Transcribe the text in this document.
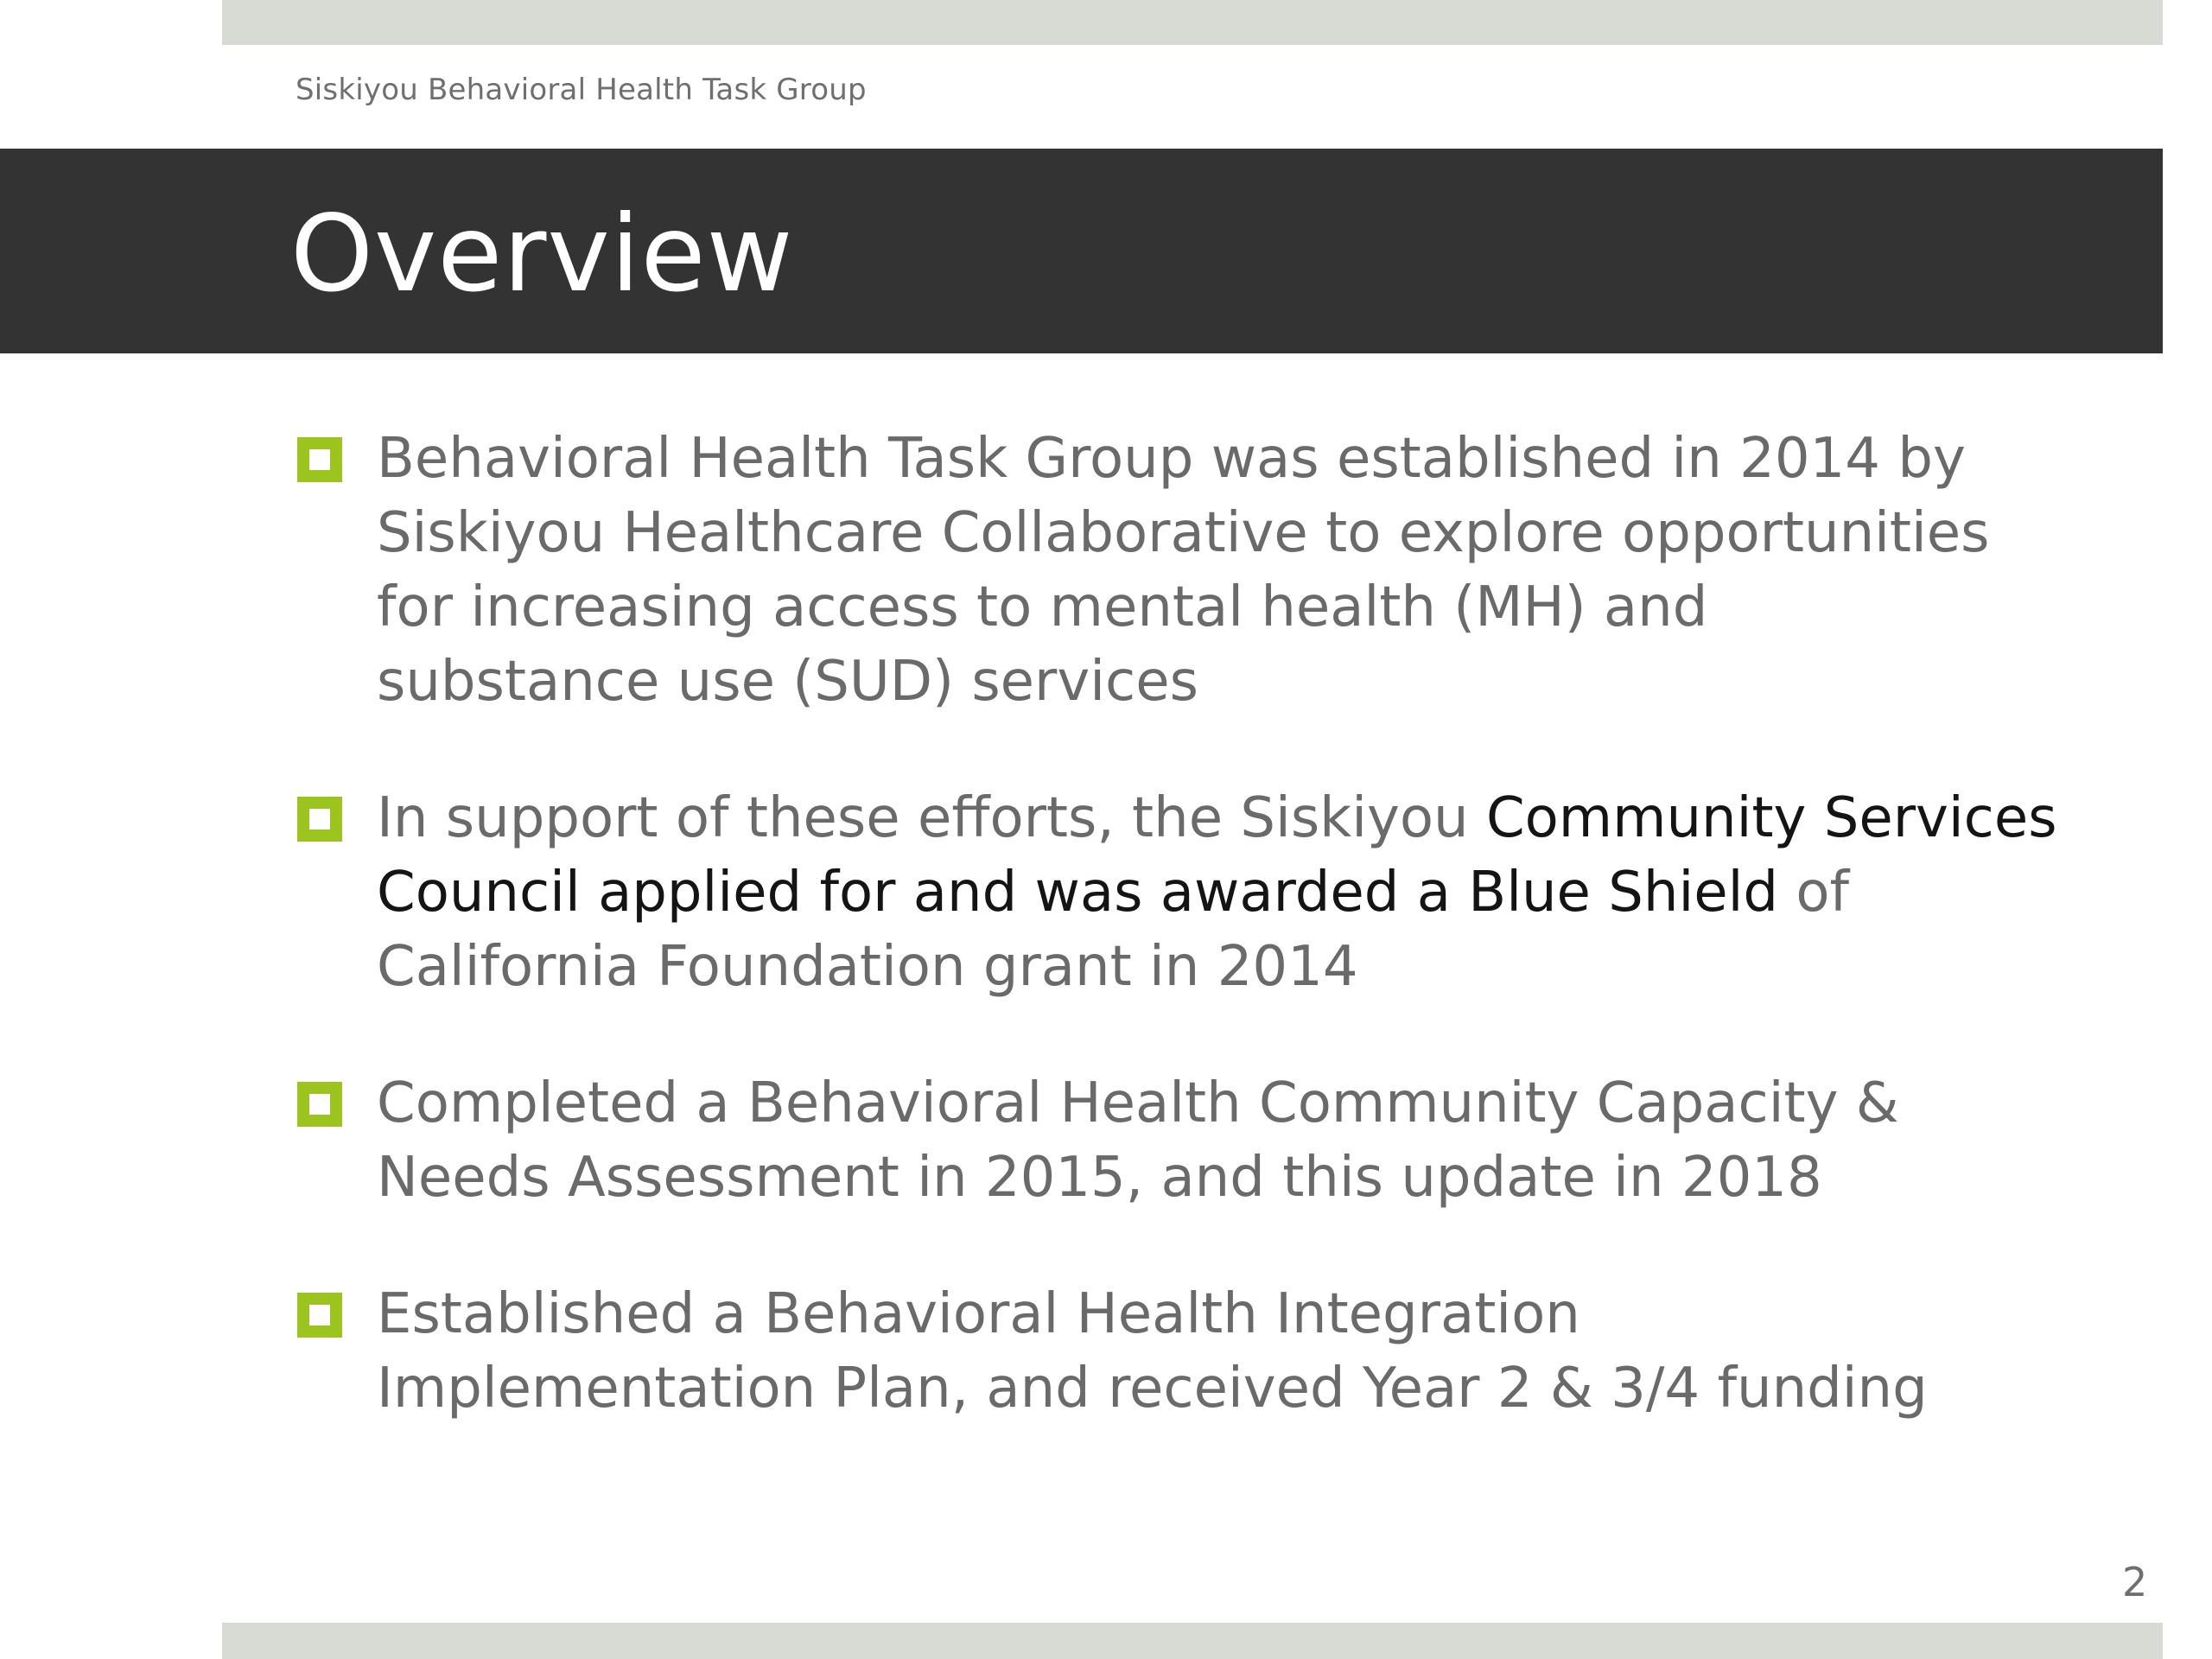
Siskiyou Behavioral Health Task Group
Overview
Behavioral Health Task Group was established in 2014 by
Siskiyou Healthcare Collaborative to explore opportunities
for increasing access to mental health (MH) and
substance use (SUD) services
In support of these efforts, the Siskiyou Community Services
Council applied for and was awarded a Blue Shield of
California Foundation grant in 2014
Completed a Behavioral Health Community Capacity &
Needs Assessment in 2015, and this update in 2018
Established a Behavioral Health Integration
Implementation Plan, and received Year 2 & 3/4 funding
2
